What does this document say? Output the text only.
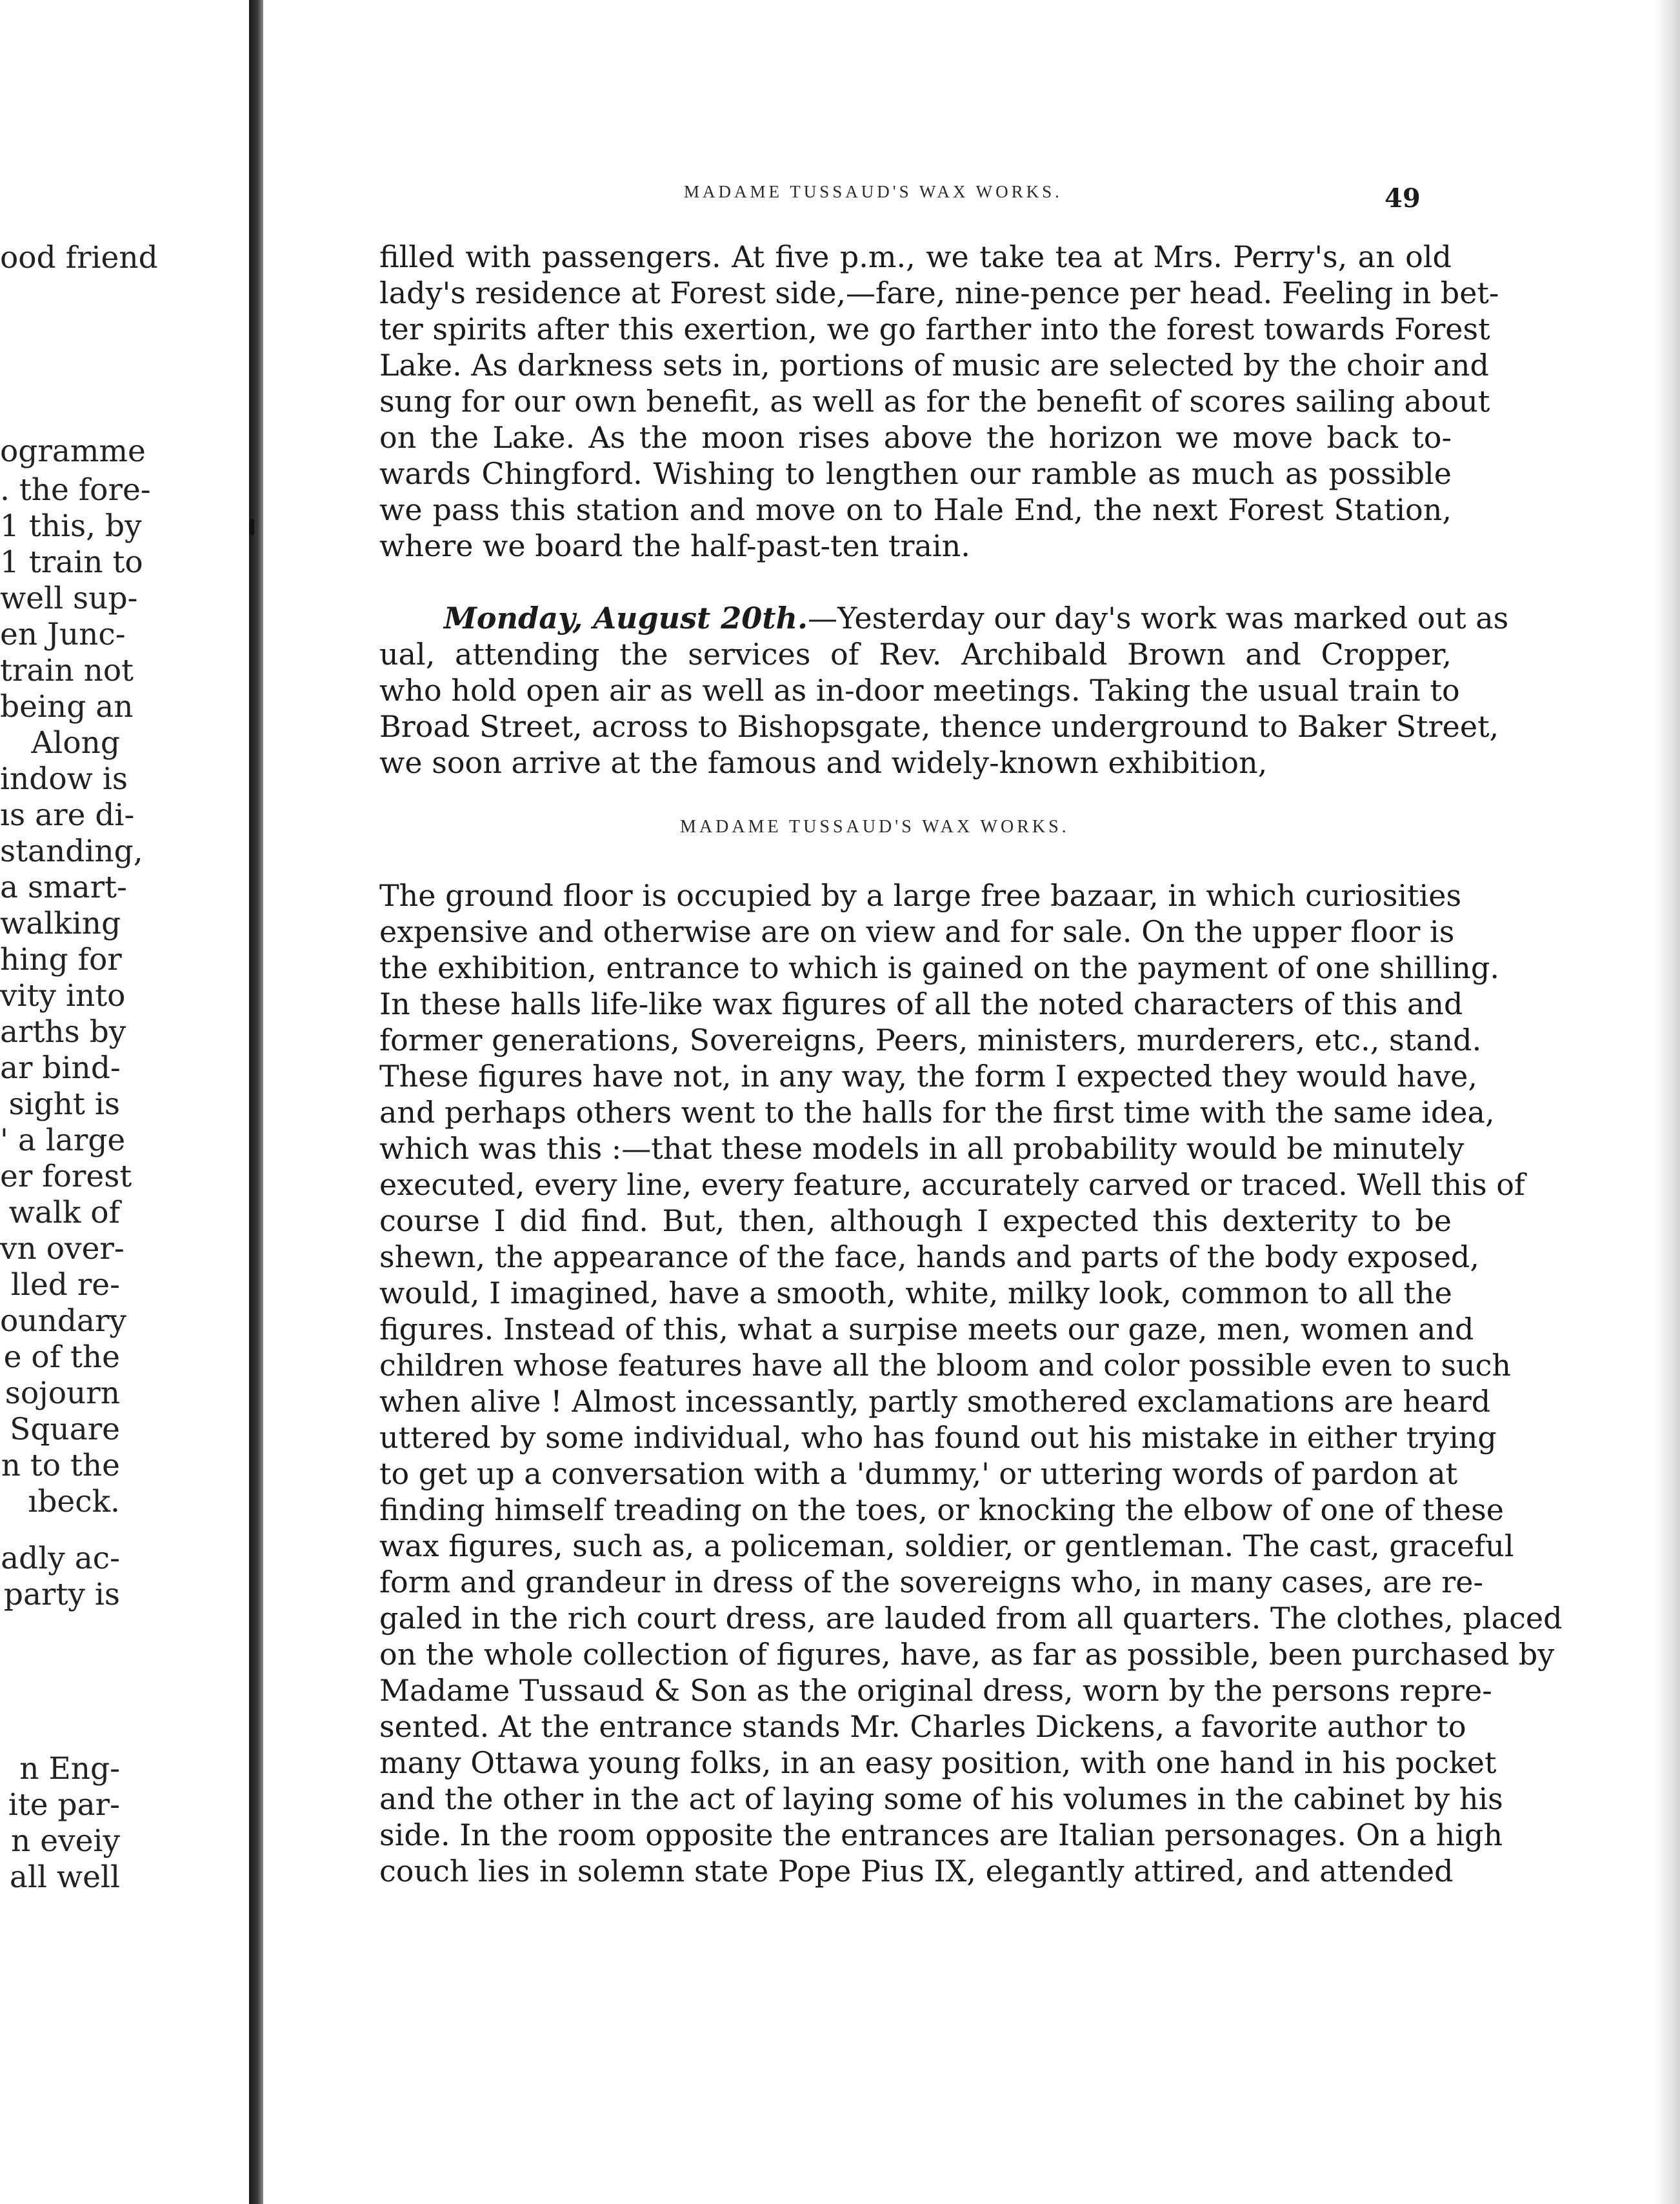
ood friend
ogramme
. the fore-
1 this, by
1 train to
well sup-
en Junc-
train not
being an
Along
indow is
ıs are di-
standing,
a smart-
walking
hing for
vity into
arths by
ar bind-
sight is
' a large
er forest
walk of
vn over-
lled re-
oundary
e of the
sojourn
Square
n to the
ıbeck.
adly ac-
party is
n Eng-
ite par-
n eveiy
all well
MADAME TUSSAUD'S WAX WORKS.	49
filled with passengers. At five p.m., we take tea at Mrs. Perry's, an old
lady's residence at Forest side,—fare, nine-pence per head. Feeling in bet-
ter spirits after this exertion, we go farther into the forest towards Forest
Lake. As darkness sets in, portions of music are selected by the choir and
sung for our own benefit, as well as for the benefit of scores sailing about
on the Lake. As the moon rises above the horizon we move back to-
wards Chingford. Wishing to lengthen our ramble as much as possible
we pass this station and move on to Hale End, the next Forest Station,
where we board the half-past-ten train.
Monday, August 20th.—Yesterday our day's work was marked out as
ual, attending the services of Rev. Archibald Brown and Cropper,
who hold open air as well as in-door meetings. Taking the usual train to
Broad Street, across to Bishopsgate, thence underground to Baker Street,
we soon arrive at the famous and widely-known exhibition,
MADAME TUSSAUD'S WAX WORKS.
The ground floor is occupied by a large free bazaar, in which curiosities
expensive and otherwise are on view and for sale. On the upper floor is
the exhibition, entrance to which is gained on the payment of one shilling.
In these halls life-like wax figures of all the noted characters of this and
former generations, Sovereigns, Peers, ministers, murderers, etc., stand.
These figures have not, in any way, the form I expected they would have,
and perhaps others went to the halls for the first time with the same idea,
which was this :—that these models in all probability would be minutely
executed, every line, every feature, accurately carved or traced. Well this of
course I did find. But, then, although I expected this dexterity to be
shewn, the appearance of the face, hands and parts of the body exposed,
would, I imagined, have a smooth, white, milky look, common to all the
figures. Instead of this, what a surpise meets our gaze, men, women and
children whose features have all the bloom and color possible even to such
when alive ! Almost incessantly, partly smothered exclamations are heard
uttered by some individual, who has found out his mistake in either trying
to get up a conversation with a 'dummy,' or uttering words of pardon at
finding himself treading on the toes, or knocking the elbow of one of these
wax figures, such as, a policeman, soldier, or gentleman. The cast, graceful
form and grandeur in dress of the sovereigns who, in many cases, are re-
galed in the rich court dress, are lauded from all quarters. The clothes, placed
on the whole collection of figures, have, as far as possible, been purchased by
Madame Tussaud & Son as the original dress, worn by the persons repre-
sented. At the entrance stands Mr. Charles Dickens, a favorite author to
many Ottawa young folks, in an easy position, with one hand in his pocket
and the other in the act of laying some of his volumes in the cabinet by his
side. In the room opposite the entrances are Italian personages. On a high
couch lies in solemn state Pope Pius IX, elegantly attired, and attended
